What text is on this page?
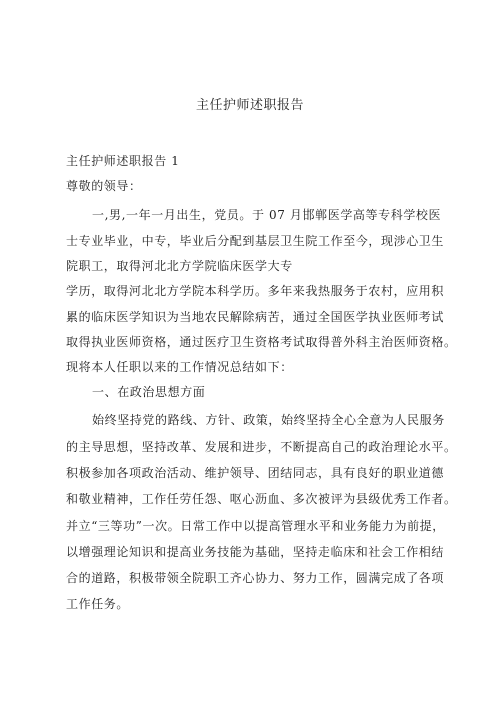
主任护师述职报告
主任护师述职报告 1
尊敬的领导：
一,男,一年一月出生，党员。于 07 月邯郸医学高等专科学校医
士专业毕业，中专，毕业后分配到基层卫生院工作至今，现涉心卫生
院职工，取得河北北方学院临床医学大专
学历，取得河北北方学院本科学历。多年来我热服务于农村，应用积
累的临床医学知识为当地农民解除病苦，通过全国医学执业医师考试
取得执业医师资格，通过医疗卫生资格考试取得普外科主治医师资格。
现将本人任职以来的工作情况总结如下：
一、在政治思想方面
始终坚持党的路线、方针、政策，始终坚持全心全意为人民服务
的主导思想，坚持改革、发展和进步，不断提高自己的政治理论水平。
积极参加各项政治活动、维护领导、团结同志，具有良好的职业道德
和敬业精神，工作任劳任怨、呕心沥血、多次被评为县级优秀工作者。
并立“三等功”一次。日常工作中以提高管理水平和业务能力为前提，
以增强理论知识和提高业务技能为基础，坚持走临床和社会工作相结
合的道路，积极带领全院职工齐心协力、努力工作，圆满完成了各项
工作任务。
